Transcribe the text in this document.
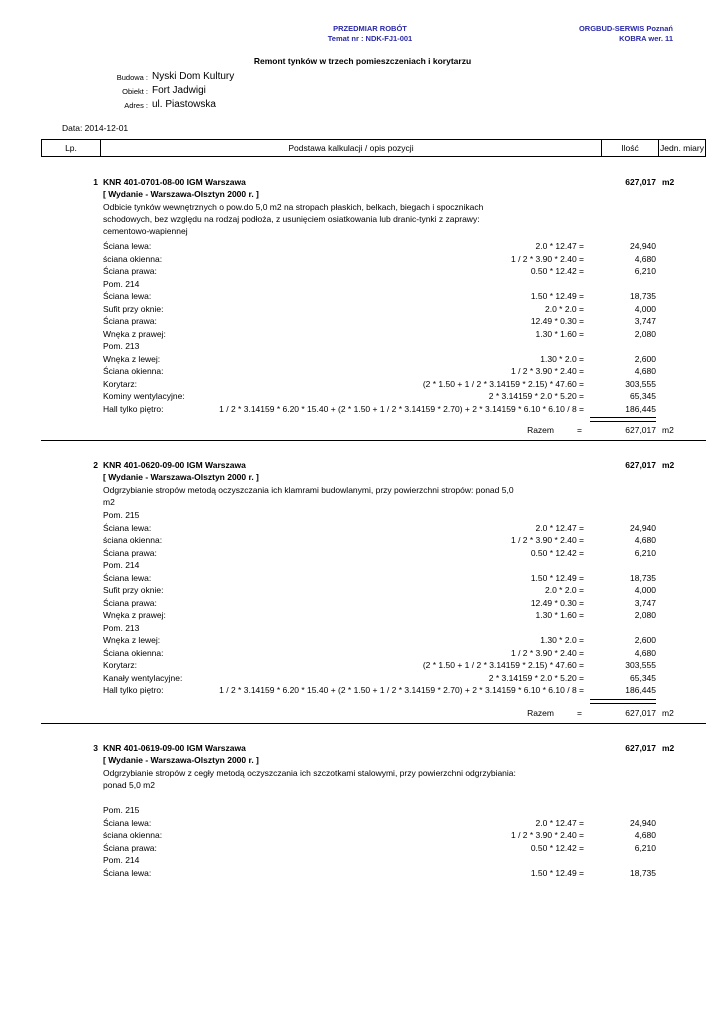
PRZEDMIAR ROBÓT
Temat nr : NDK-FJ1-001
ORGBUD-SERWIS Poznań
KOBRA wer. 11
Remont tynków w trzech pomieszczeniach i korytarzu
Budowa : Nyski Dom Kultury
Obiekt : Fort Jadwigi
Adres : ul. Piastowska
Data: 2014-12-01
Lp.	Podstawa kalkulacji / opis pozycji	Ilość	Jedn. miary
1 KNR 401-0701-08-00 IGM Warszawa	627,017 m2
[ Wydanie - Warszawa-Olsztyn 2000 r. ]
Odbicie tynków wewnętrznych o pow.do 5,0 m2 na stropach płaskich, belkach, biegach i spocznikach schodowych, bez względu na rodzaj podłoża, z usunięciem osiatkowania lub dranic-tynki z zaprawy: cementowo-wapiennej
Ściana lewa:	2.0 * 12.47 =	24,940
ściana okienna:	1 / 2 * 3.90 * 2.40 =	4,680
Ściana prawa:	0.50 * 12.42 =	6,210
Pom. 214
Ściana lewa:	1.50 * 12.49 =	18,735
Sufit przy oknie:	2.0 * 2.0 =	4,000
Ściana prawa:	12.49 * 0.30 =	3,747
Wnęka z prawej:	1.30 * 1.60 =	2,080
Pom. 213
Wnęka z lewej:	1.30 * 2.0 =	2,600
Ściana okienna:	1 / 2 * 3.90 * 2.40 =	4,680
Korytarz:	(2 * 1.50 + 1 / 2 * 3.14159 * 2.15) * 47.60 =	303,555
Kominy wentylacyjne:	2 * 3.14159 * 2.0 * 5.20 =	65,345
Hall tylko piętro:	1 / 2 * 3.14159 * 6.20 * 15.40 + (2 * 1.50 + 1 / 2 * 3.14159 * 2.70) + 2 * 3.14159 * 6.10 * 6.10 / 8 =	186,445
Razem	=	627,017 m2
2 KNR 401-0620-09-00 IGM Warszawa	627,017 m2
[ Wydanie - Warszawa-Olsztyn 2000 r. ]
Odgrzybianie stropów metodą oczyszczania ich klamrami budowlanymi, przy powierzchni stropów: ponad 5,0 m2
Pom. 215
Ściana lewa:	2.0 * 12.47 =	24,940
ściana okienna:	1 / 2 * 3.90 * 2.40 =	4,680
Ściana prawa:	0.50 * 12.42 =	6,210
Pom. 214
Ściana lewa:	1.50 * 12.49 =	18,735
Sufit przy oknie:	2.0 * 2.0 =	4,000
Ściana prawa:	12.49 * 0.30 =	3,747
Wnęka z prawej:	1.30 * 1.60 =	2,080
Pom. 213
Wnęka z lewej:	1.30 * 2.0 =	2,600
Ściana okienna:	1 / 2 * 3.90 * 2.40 =	4,680
Korytarz:	(2 * 1.50 + 1 / 2 * 3.14159 * 2.15) * 47.60 =	303,555
Kanały wentylacyjne:	2 * 3.14159 * 2.0 * 5.20 =	65,345
Hall tylko piętro:	1 / 2 * 3.14159 * 6.20 * 15.40 + (2 * 1.50 + 1 / 2 * 3.14159 * 2.70) + 2 * 3.14159 * 6.10 * 6.10 / 8 =	186,445
Razem	=	627,017 m2
3 KNR 401-0619-09-00 IGM Warszawa	627,017 m2
[ Wydanie - Warszawa-Olsztyn 2000 r. ]
Odgrzybianie stropów z cegły metodą oczyszczania ich szczotkami stalowymi, przy powierzchni odgrzybiania: ponad 5,0 m2
Pom. 215
Ściana lewa:	2.0 * 12.47 =	24,940
ściana okienna:	1 / 2 * 3.90 * 2.40 =	4,680
Ściana prawa:	0.50 * 12.42 =	6,210
Pom. 214
Ściana lewa:	1.50 * 12.49 =	18,735
